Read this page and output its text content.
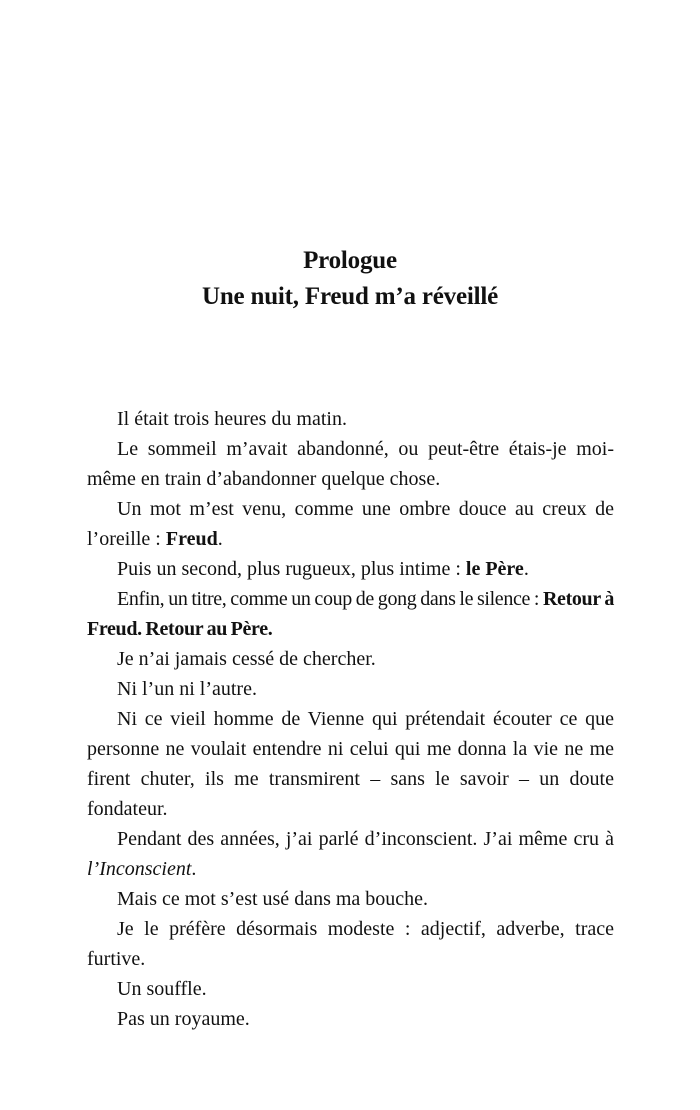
Prologue
Une nuit, Freud m’a réveillé

Il était trois heures du matin.

Le sommeil m’avait abandonné, ou peut-être étais-je moi-même en train d’abandonner quelque chose.

Un mot m’est venu, comme une ombre douce au creux de l’oreille : Freud.

Puis un second, plus rugueux, plus intime : le Père.

Enfin, un titre, comme un coup de gong dans le silence : Retour à Freud. Retour au Père.

Je n’ai jamais cessé de chercher.

Ni l’un ni l’autre.

Ni ce vieil homme de Vienne qui prétendait écouter ce que personne ne voulait entendre ni celui qui me donna la vie ne me firent chuter, ils me transmirent – sans le savoir – un doute fondateur.

Pendant des années, j’ai parlé d’inconscient. J’ai même cru à l’Inconscient.

Mais ce mot s’est usé dans ma bouche.

Je le préfère désormais modeste : adjectif, adverbe, trace furtive.

Un souffle.

Pas un royaume.
